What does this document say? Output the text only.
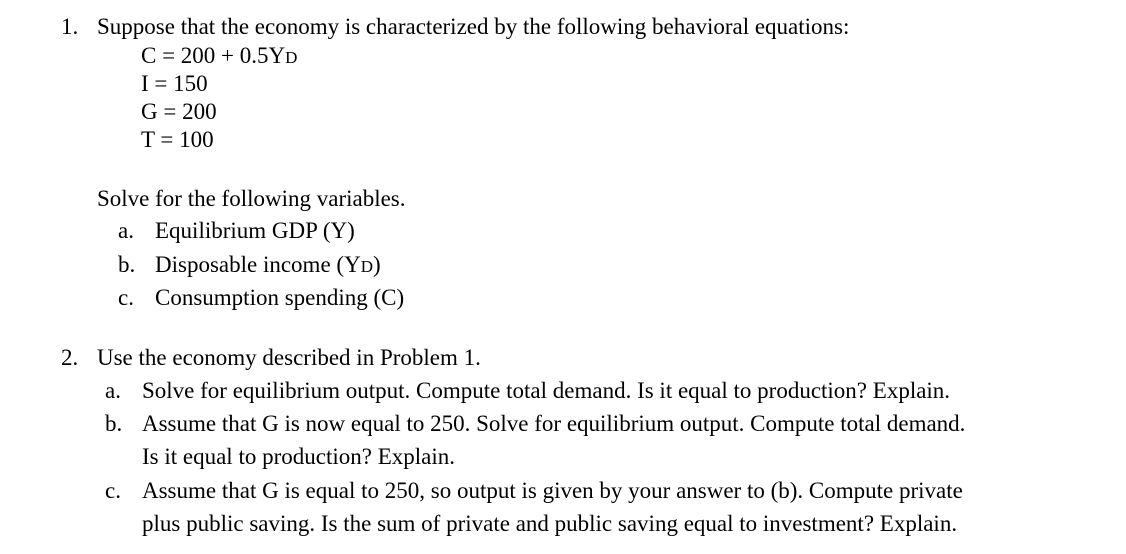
1. Suppose that the economy is characterized by the following behavioral equations:
C = 200 + 0.5YD
I = 150
G = 200
T = 100
Solve for the following variables.
a. Equilibrium GDP (Y)
b. Disposable income (YD)
c. Consumption spending (C)
2. Use the economy described in Problem 1.
a. Solve for equilibrium output. Compute total demand. Is it equal to production? Explain.
b. Assume that G is now equal to 250. Solve for equilibrium output. Compute total demand.
Is it equal to production? Explain.
c. Assume that G is equal to 250, so output is given by your answer to (b). Compute private
plus public saving. Is the sum of private and public saving equal to investment? Explain.
